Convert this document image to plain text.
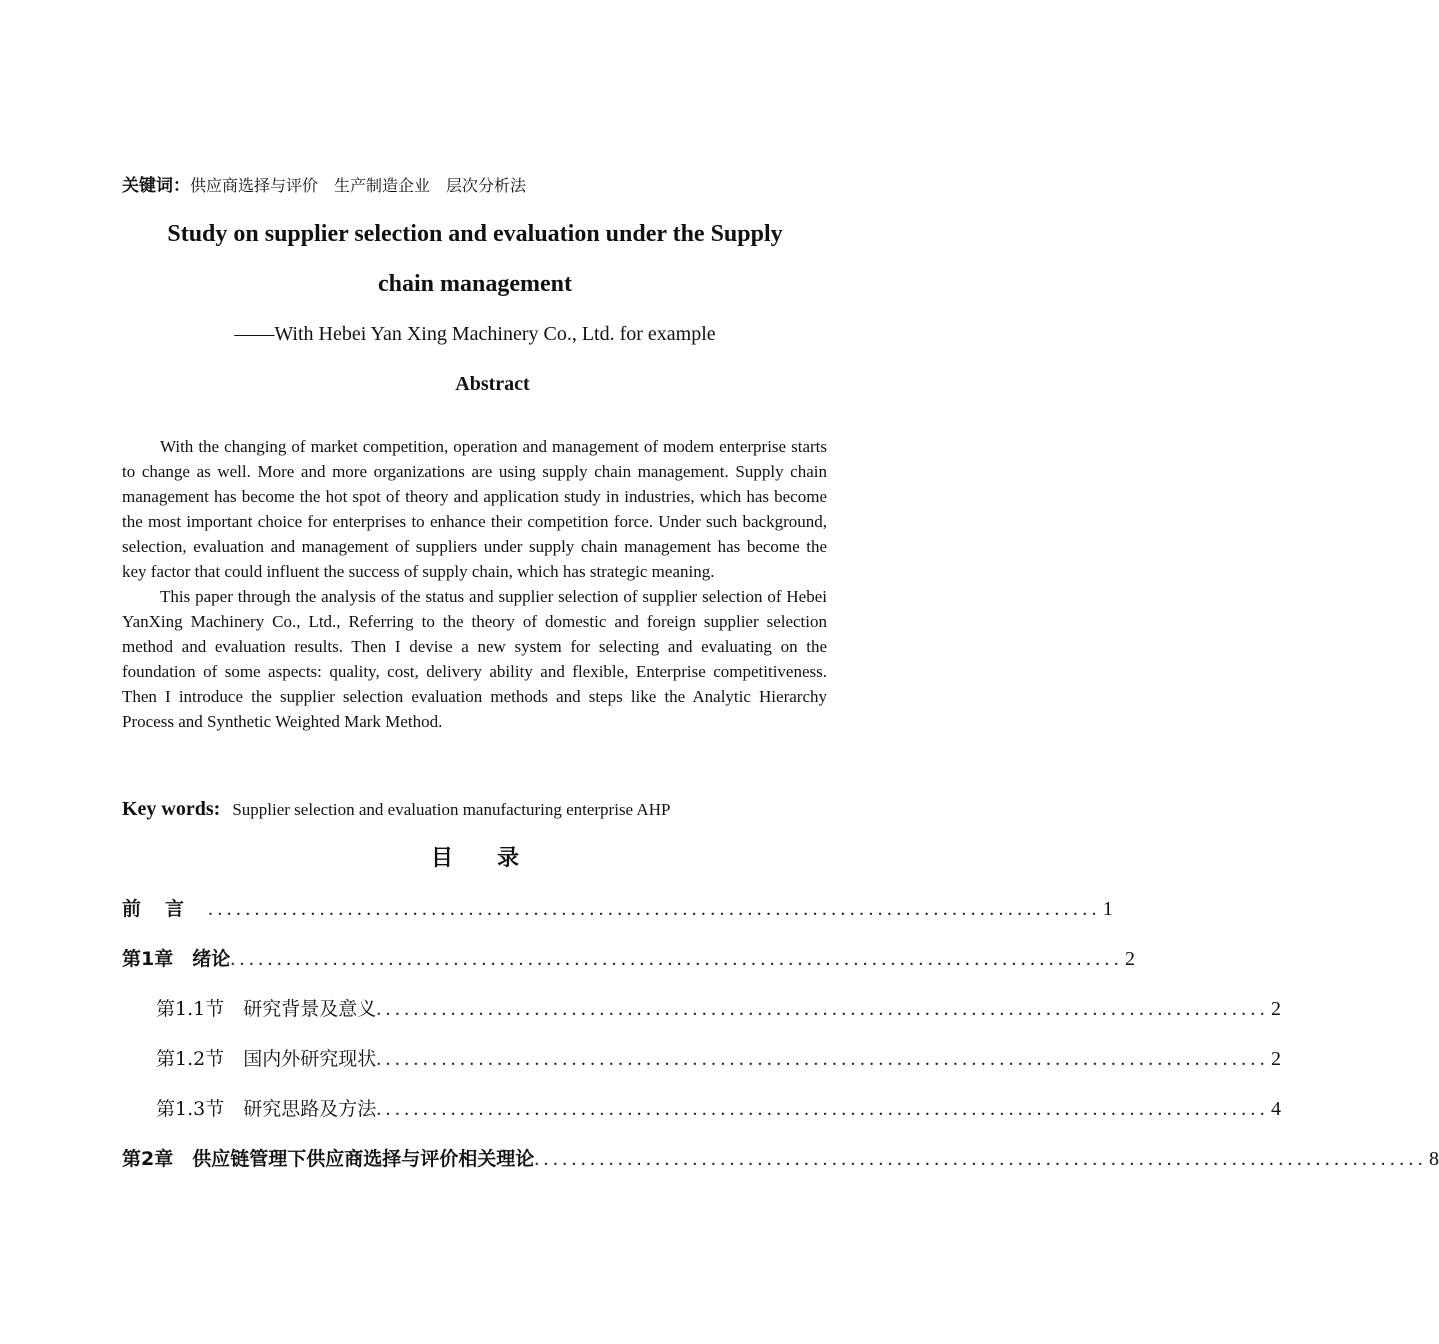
关键词：供应商选择与评价 生产制造企业 层次分析法
Study on supplier selection and evaluation under the Supply
chain management
——With Hebei Yan Xing Machinery Co., Ltd. for example
Abstract

With the changing of market competition, operation and management of modem enterprise starts to change as well. More and more organizations are using supply chain management. Supply chain management has become the hot spot of theory and application study in industries, which has become the most important choice for enterprises to enhance their competition force. Under such background, selection, evaluation and management of suppliers under supply chain management has become the key factor that could influent the success of supply chain, which has strategic meaning.

This paper through the analysis of the status and supplier selection of supplier selection of Hebei YanXing Machinery Co., Ltd., Referring to the theory of domestic and foreign supplier selection method and evaluation results. Then I devise a new system for selecting and evaluating on the foundation of some aspects: quality, cost, delivery ability and flexible, Enterprise competitiveness. Then I introduce the supplier selection evaluation methods and steps like the Analytic Hierarchy Process and Synthetic Weighted Mark Method.

Key words: Supplier selection and evaluation manufacturing enterprise AHP
目录
前言 ................................................................................................ 1
第1章　绪论 ................................................................................................ 2
第1.1节　研究背景及意义 ................................................................................................ 2
第1.2节　国内外研究现状 ................................................................................................ 2
第1.3节　研究思路及方法 ................................................................................................ 4
第2章　供应链管理下供应商选择与评价相关理论 ................................................................................................ 8
